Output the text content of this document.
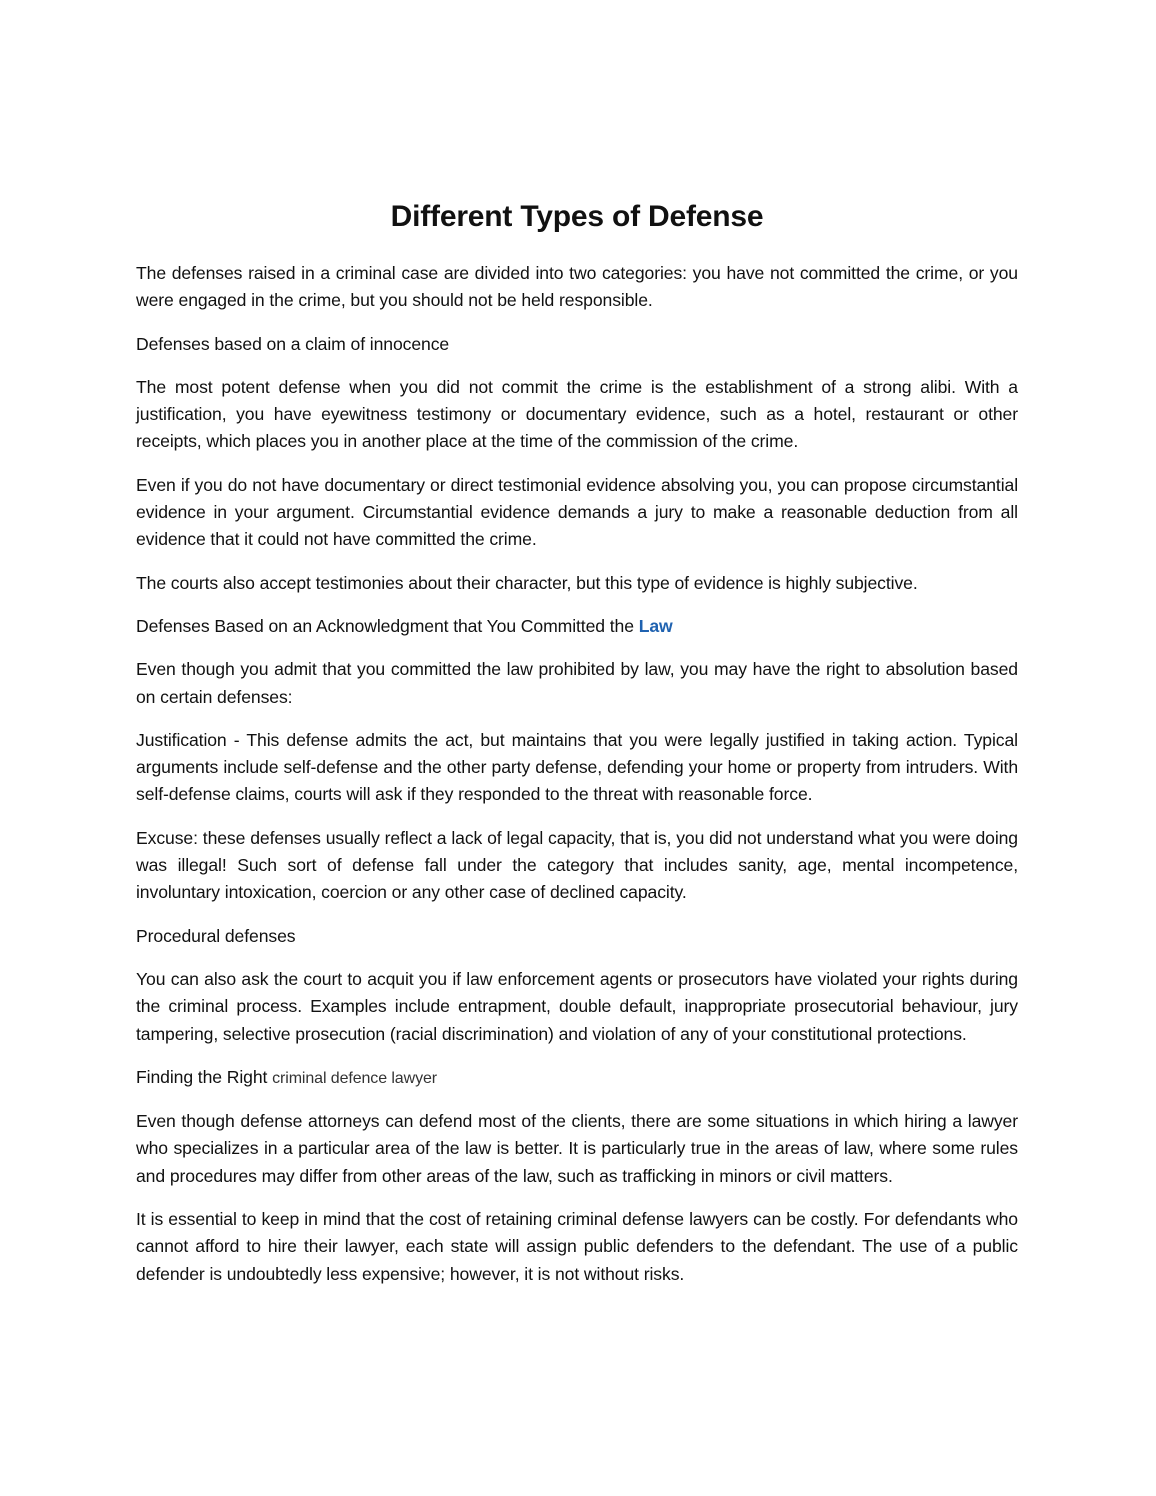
Different Types of Defense

The defenses raised in a criminal case are divided into two categories: you have not committed the crime, or you were engaged in the crime, but you should not be held responsible.

Defenses based on a claim of innocence

The most potent defense when you did not commit the crime is the establishment of a strong alibi. With a justification, you have eyewitness testimony or documentary evidence, such as a hotel, restaurant or other receipts, which places you in another place at the time of the commission of the crime.

Even if you do not have documentary or direct testimonial evidence absolving you, you can propose circumstantial evidence in your argument. Circumstantial evidence demands a jury to make a reasonable deduction from all evidence that it could not have committed the crime.

The courts also accept testimonies about their character, but this type of evidence is highly subjective.

Defenses Based on an Acknowledgment that You Committed the Law

Even though you admit that you committed the law prohibited by law, you may have the right to absolution based on certain defenses:

Justification - This defense admits the act, but maintains that you were legally justified in taking action. Typical arguments include self-defense and the other party defense, defending your home or property from intruders. With self-defense claims, courts will ask if they responded to the threat with reasonable force.

Excuse: these defenses usually reflect a lack of legal capacity, that is, you did not understand what you were doing was illegal! Such sort of defense fall under the category that includes sanity, age, mental incompetence, involuntary intoxication, coercion or any other case of declined capacity.

Procedural defenses

You can also ask the court to acquit you if law enforcement agents or prosecutors have violated your rights during the criminal process. Examples include entrapment, double default, inappropriate prosecutorial behaviour, jury tampering, selective prosecution (racial discrimination) and violation of any of your constitutional protections.

Finding the Right criminal defence lawyer

Even though defense attorneys can defend most of the clients, there are some situations in which hiring a lawyer who specializes in a particular area of the law is better. It is particularly true in the areas of law, where some rules and procedures may differ from other areas of the law, such as trafficking in minors or civil matters.

It is essential to keep in mind that the cost of retaining criminal defense lawyers can be costly. For defendants who cannot afford to hire their lawyer, each state will assign public defenders to the defendant. The use of a public defender is undoubtedly less expensive; however, it is not without risks.
